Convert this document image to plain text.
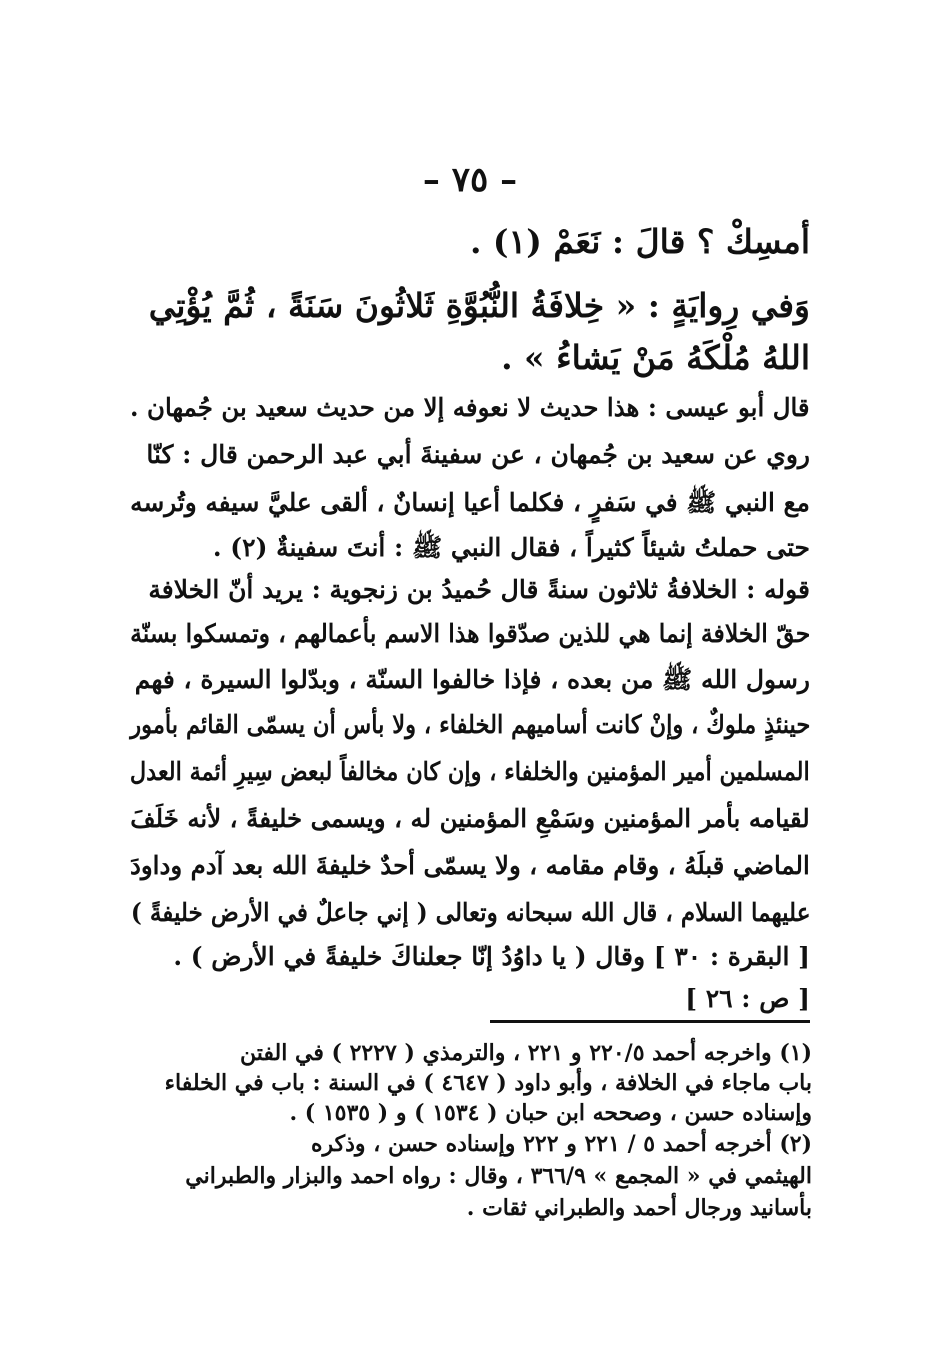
– ٧٥ –
أمسِكْ ؟ قالَ : نَعَمْ (١) .
وَفي رِوايَةٍ : « خِلافَةُ النُّبُوَّةِ ثَلاثُونَ سَنَةً ، ثُمَّ يُؤْتِي
اللهُ مُلْكَهُ مَنْ يَشاءُ » .
قال أبو عيسى : هذا حديث لا نعوفه إلا من حديث سعيد بن جُمهان .
روي عن سعيد بن جُمهان ، عن سفينةَ أبي عبد الرحمن قال : كنّا
مع النبي ﷺ في سَفرٍ ، فكلما أعيا إنسانٌ ، ألقى عليَّ سيفه وتُرسه
حتى حملتُ شيئاً كثيراً ، فقال النبي ﷺ : أنتَ سفينةٌ (٢) .
قوله : الخلافةُ ثلاثون سنةً قال حُميدُ بن زنجوية : يريد أنّ الخلافة
حقّ الخلافة إنما هي للذين صدّقوا هذا الاسم بأعمالهم ، وتمسكوا بسنّة
رسول الله ﷺ من بعده ، فإذا خالفوا السنّة ، وبدّلوا السيرة ، فهم
حينئذٍ ملوكٌ ، وإنْ كانت أساميهم الخلفاء ، ولا بأس أن يسمّى القائم بأمور
المسلمين أمير المؤمنين والخلفاء ، وإن كان مخالفاً لبعض سِيرِ أئمة العدل
لقيامه بأمر المؤمنين وسَمْعِ المؤمنين له ، ويسمى خليفةً ، لأنه خَلَفَ
الماضي قبلَهُ ، وقام مقامه ، ولا يسمّى أحدٌ خليفةَ الله بعد آدم وداودَ
عليهما السلام ، قال الله سبحانه وتعالى ( إني جاعلٌ في الأرض خليفةً )
[ البقرة : ٣٠ ] وقال ( يا داوُدُ إنّا جعلناكَ خليفةً في الأرض ) .
[ ص : ٢٦ ]
(١) واخرجه أحمد ٢٢٠/٥ و ٢٢١ ، والترمذي ( ٢٢٢٧ ) في الفتن
باب ماجاء في الخلافة ، وأبو داود ( ٤٦٤٧ ) في السنة : باب في الخلفاء
وإسناده حسن ، وصححه ابن حبان ( ١٥٣٤ ) و ( ١٥٣٥ ) .
(٢) أخرجه أحمد ٥ / ٢٢١ و ٢٢٢ وإسناده حسن ، وذكره
الهيثمي في « المجمع » ٣٦٦/٩ ، وقال : رواه احمد والبزار والطبراني
بأسانيد ورجال أحمد والطبراني ثقات .
